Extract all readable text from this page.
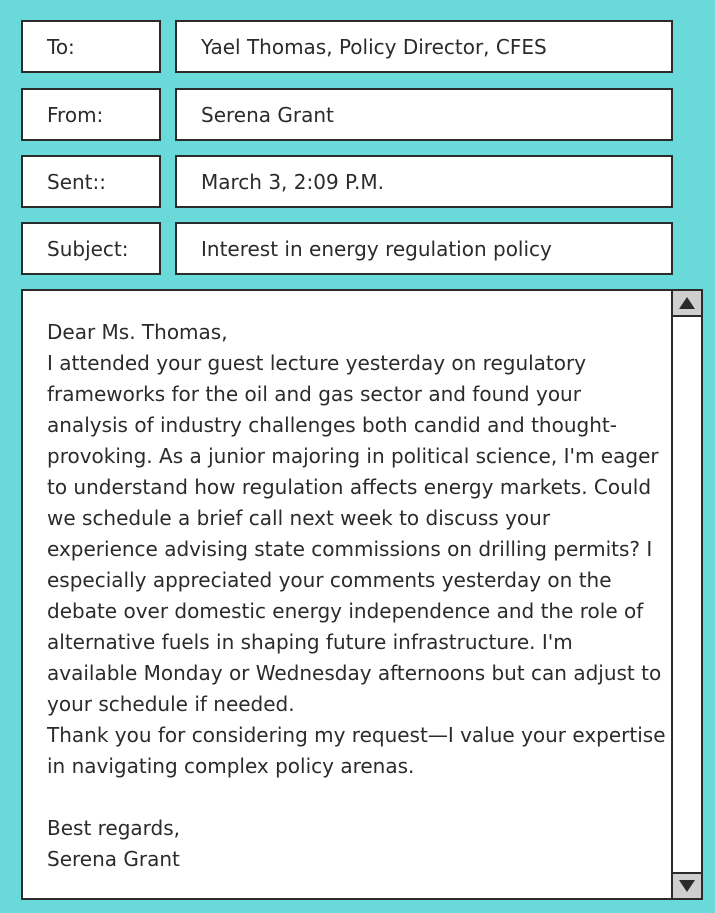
To:	Yael Thomas, Policy Director, CFES
From:	Serena Grant
Sent::	March 3, 2:09 P.M.
Subject:	Interest in energy regulation policy

Dear Ms. Thomas,

I attended your guest lecture yesterday on regulatory frameworks for the oil and gas sector and found your analysis of industry challenges both candid and thought-provoking. As a junior majoring in political science, I'm eager to understand how regulation affects energy markets. Could we schedule a brief call next week to discuss your experience advising state commissions on drilling permits? I especially appreciated your comments yesterday on the debate over domestic energy independence and the role of alternative fuels in shaping future infrastructure. I'm available Monday or Wednesday afternoons but can adjust to your schedule if needed.

Thank you for considering my request—I value your expertise in navigating complex policy arenas.

Best regards,

Serena Grant
